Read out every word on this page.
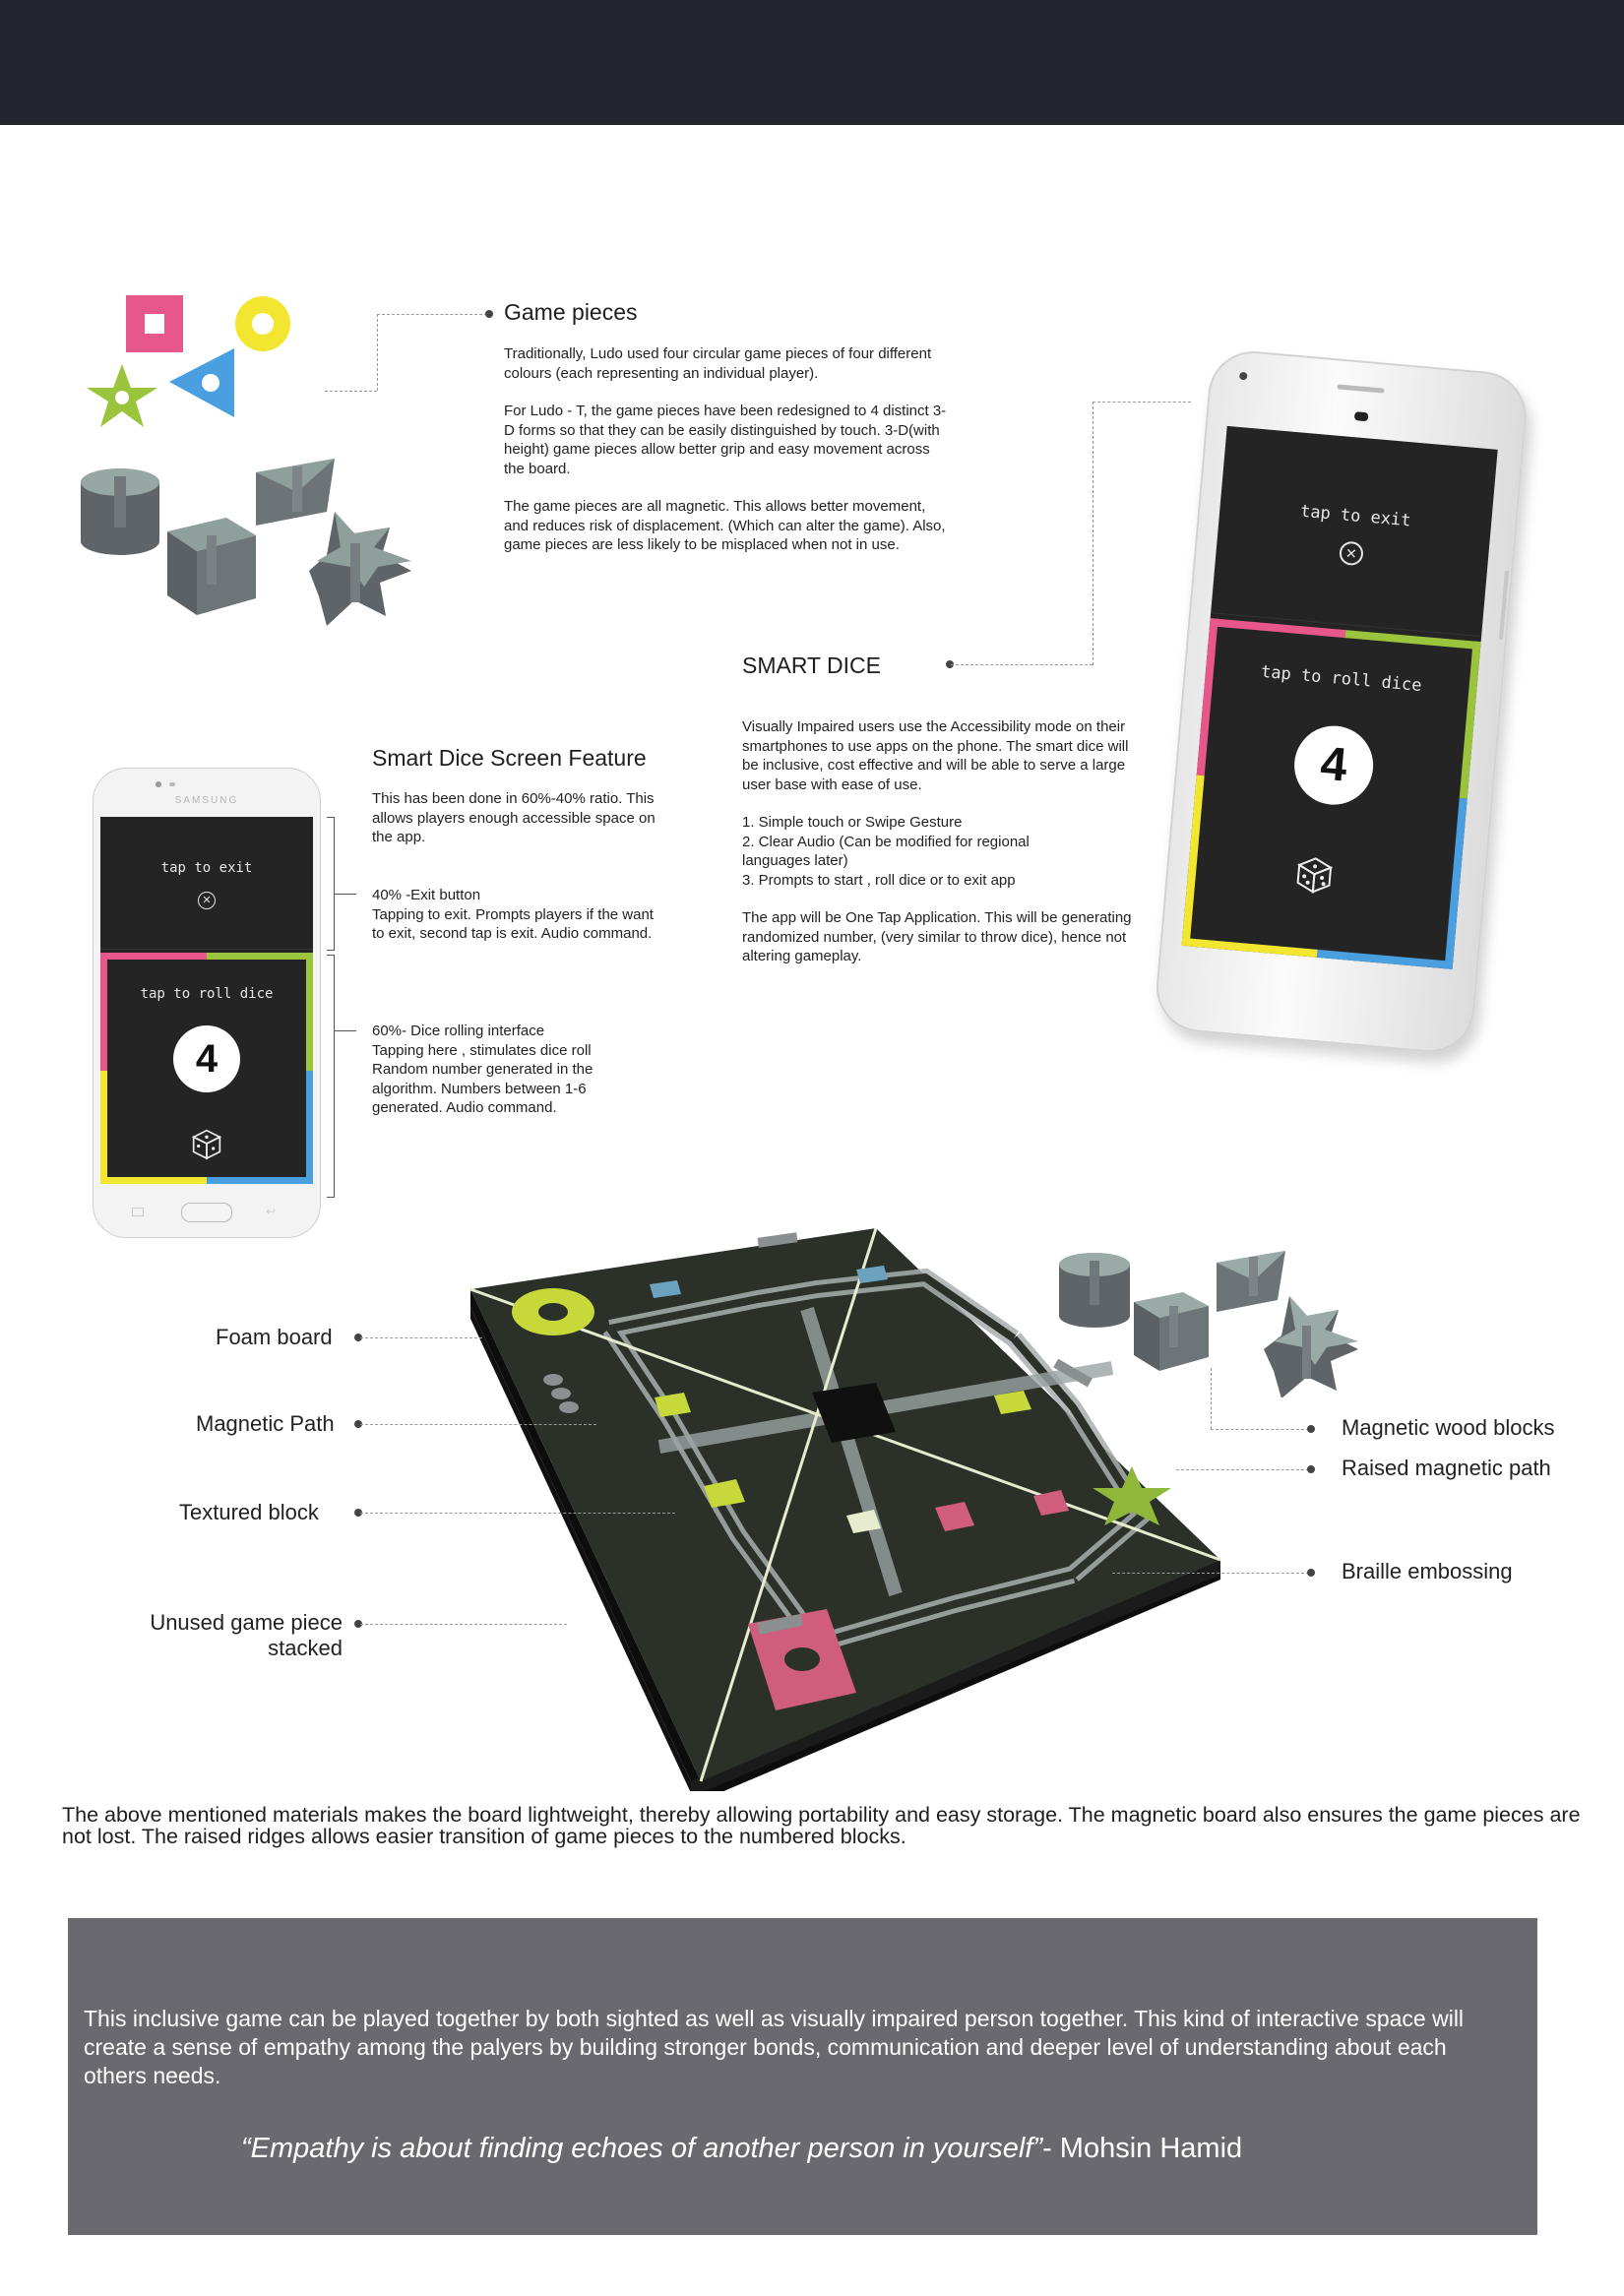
Game pieces

Traditionally, Ludo used four circular game pieces of four different colours (each representing an individual player).

For Ludo - T, the game pieces have been redesigned to 4 distinct 3-D forms so that they can be easily distinguished by touch. 3-D(with height) game pieces allow better grip and easy movement across the board.

The game pieces are all magnetic. This allows better movement, and reduces risk of displacement. (Which can alter the game). Also, game pieces are less likely to be misplaced when not in use.

tap to exit
✕
tap to roll dice
4
SMART DICE

Visually Impaired users use the Accessibility mode on their smartphones to use apps on the phone. The smart dice will be inclusive, cost effective and will be able to serve a large user base with ease of use.

1. Simple touch or Swipe Gesture
2. Clear Audio (Can be modified for regional languages later)
3. Prompts to start , roll dice or to exit app

The app will be One Tap Application. This will be generating randomized number, (very similar to throw dice), hence not altering gameplay.

SAMSUNG
tap to exit
✕
tap to roll dice
4
↩
Smart Dice Screen Feature
This has been done in 60%-40% ratio. This allows players enough accessible space on the app.
40% -Exit button
Tapping to exit. Prompts players if the want to exit, second tap is exit. Audio command.
60%- Dice rolling interface
Tapping here , stimulates dice roll Random number generated in the algorithm. Numbers between 1-6 generated. Audio command.
Foam board
Magnetic Path
Textured block
Unused game piece
stacked
Magnetic wood blocks
Raised magnetic path
Braille embossing
The above mentioned materials makes the board lightweight, thereby allowing portability and easy storage. The magnetic board also ensures the game pieces are not lost. The raised ridges allows easier transition of game pieces to the numbered blocks.
This inclusive game can be played together by both sighted as well as visually impaired person together. This kind of interactive space will create a sense of empathy among the palyers by building stronger bonds, communication and deeper level of understanding about each others needs.
“Empathy is about finding echoes of another person in yourself”- Mohsin Hamid
